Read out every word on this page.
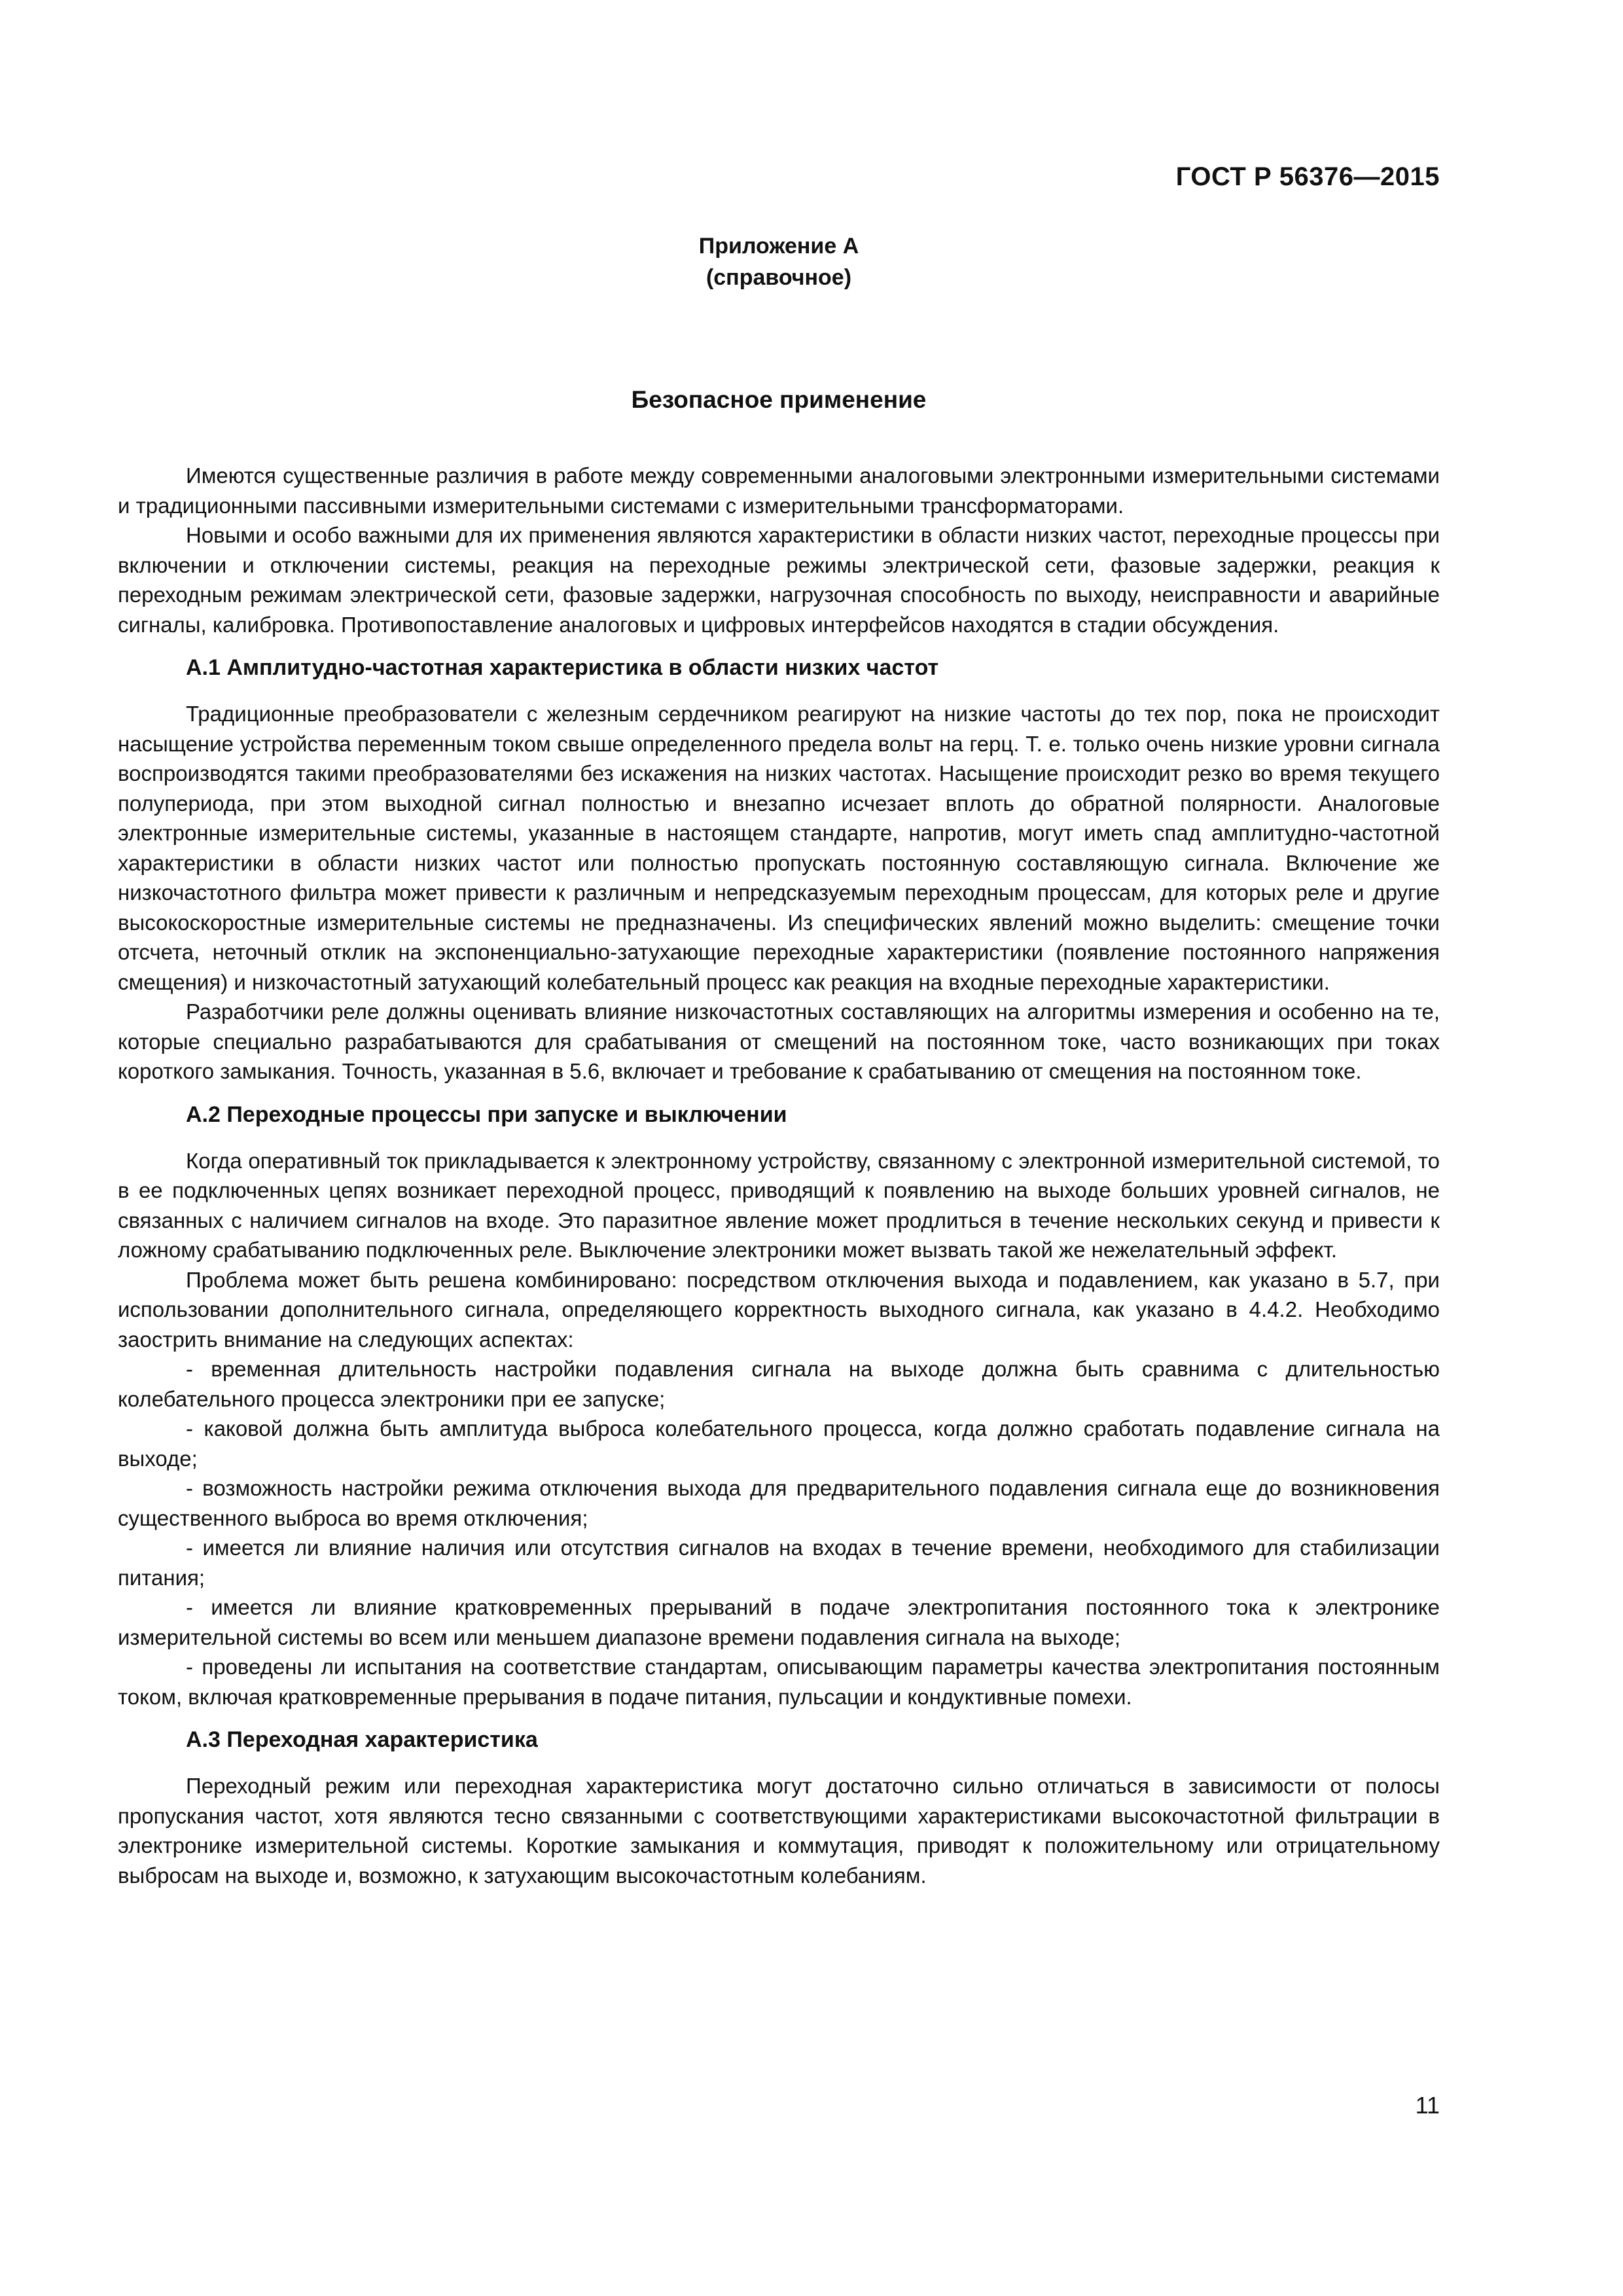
ГОСТ Р 56376—2015
Приложение А
(справочное)
Безопасное применение

Имеются существенные различия в работе между современными аналоговыми электронными измерительными системами и традиционными пассивными измерительными системами с измерительными трансформаторами.

Новыми и особо важными для их применения являются характеристики в области низких частот, переходные процессы при включении и отключении системы, реакция на переходные режимы электрической сети, фазовые задержки, реакция к переходным режимам электрической сети, фазовые задержки, нагрузочная способность по выходу, неисправности и аварийные сигналы, калибровка. Противопоставление аналоговых и цифровых интерфейсов находятся в стадии обсуждения.

А.1 Амплитудно-частотная характеристика в области низких частот

Традиционные преобразователи с железным сердечником реагируют на низкие частоты до тех пор, пока не происходит насыщение устройства переменным током свыше определенного предела вольт на герц. Т. е. только очень низкие уровни сигнала воспроизводятся такими преобразователями без искажения на низких частотах. Насыщение происходит резко во время текущего полупериода, при этом выходной сигнал полностью и внезапно исчезает вплоть до обратной полярности. Аналоговые электронные измерительные системы, указанные в настоящем стандарте, напротив, могут иметь спад амплитудно-частотной характеристики в области низких частот или полностью пропускать постоянную составляющую сигнала. Включение же низкочастотного фильтра может привести к различным и непредсказуемым переходным процессам, для которых реле и другие высокоскоростные измерительные системы не предназначены. Из специфических явлений можно выделить: смещение точки отсчета, неточный отклик на экспоненциально-затухающие переходные характеристики (появление постоянного напряжения смещения) и низкочастотный затухающий колебательный процесс как реакция на входные переходные характеристики.

Разработчики реле должны оценивать влияние низкочастотных составляющих на алгоритмы измерения и особенно на те, которые специально разрабатываются для срабатывания от смещений на постоянном токе, часто возникающих при токах короткого замыкания. Точность, указанная в 5.6, включает и требование к срабатыванию от смещения на постоянном токе.

А.2 Переходные процессы при запуске и выключении

Когда оперативный ток прикладывается к электронному устройству, связанному с электронной измерительной системой, то в ее подключенных цепях возникает переходной процесс, приводящий к появлению на выходе больших уровней сигналов, не связанных с наличием сигналов на входе. Это паразитное явление может продлиться в течение нескольких секунд и привести к ложному срабатыванию подключенных реле. Выключение электроники может вызвать такой же нежелательный эффект.

Проблема может быть решена комбинировано: посредством отключения выхода и подавлением, как указано в 5.7, при использовании дополнительного сигнала, определяющего корректность выходного сигнала, как указано в 4.4.2. Необходимо заострить внимание на следующих аспектах:

- временная длительность настройки подавления сигнала на выходе должна быть сравнима с длительностью колебательного процесса электроники при ее запуске;

- каковой должна быть амплитуда выброса колебательного процесса, когда должно сработать подавление сигнала на выходе;

- возможность настройки режима отключения выхода для предварительного подавления сигнала еще до возникновения существенного выброса во время отключения;

- имеется ли влияние наличия или отсутствия сигналов на входах в течение времени, необходимого для стабилизации питания;

- имеется ли влияние кратковременных прерываний в подаче электропитания постоянного тока к электронике измерительной системы во всем или меньшем диапазоне времени подавления сигнала на выходе;

- проведены ли испытания на соответствие стандартам, описывающим параметры качества электропитания постоянным током, включая кратковременные прерывания в подаче питания, пульсации и кондуктивные помехи.

А.3 Переходная характеристика

Переходный режим или переходная характеристика могут достаточно сильно отличаться в зависимости от полосы пропускания частот, хотя являются тесно связанными с соответствующими характеристиками высокочастотной фильтрации в электронике измерительной системы. Короткие замыкания и коммутация, приводят к положительному или отрицательному выбросам на выходе и, возможно, к затухающим высокочастотным колебаниям.

11
